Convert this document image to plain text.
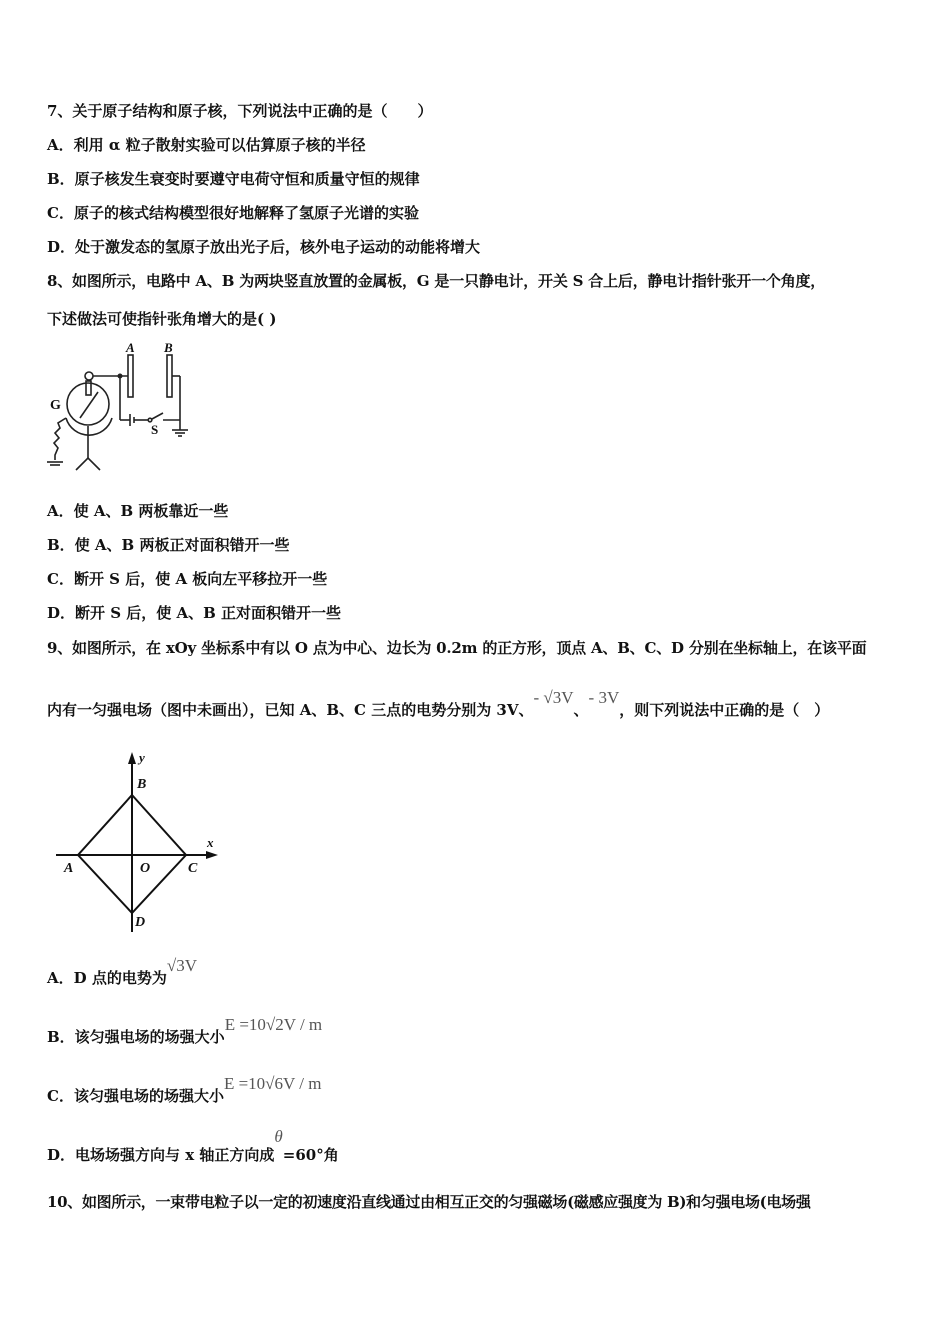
7、关于原子结构和原子核，下列说法中正确的是（　　）
A．利用 α 粒子散射实验可以估算原子核的半径
B．原子核发生衰变时要遵守电荷守恒和质量守恒的规律
C．原子的核式结构模型很好地解释了氢原子光谱的实验
D．处于激发态的氢原子放出光子后，核外电子运动的动能将增大
8、如图所示，电路中 A、B 为两块竖直放置的金属板，G 是一只静电计，开关 S 合上后，静电计指针张开一个角度，
下述做法可使指针张角增大的是( )
A B
G
S
y
B
x
A	O	C
D
A．使 A、B 两板靠近一些
B．使 A、B 两板正对面积错开一些
C．断开 S 后，使 A 板向左平移拉开一些
D．断开 S 后，使 A、B 正对面积错开一些
9、如图所示，在 xOy 坐标系中有以 O 点为中心、边长为 0.2m 的正方形，顶点 A、B、C、D 分别在坐标轴上，在该平面
内有一匀强电场（图中未画出），已知 A、B、C 三点的电势分别为 3V、- √3V、- 3V，则下列说法中正确的是（　）
A．D 点的电势为√3V
B．该匀强电场的场强大小E =10√2V / m
C．该匀强电场的场强大小E =10√6V / m
D．电场场强方向与 x 轴正方向成θ=60°角
10、如图所示，一束带电粒子以一定的初速度沿直线通过由相互正交的匀强磁场(磁感应强度为 B)和匀强电场(电场强
